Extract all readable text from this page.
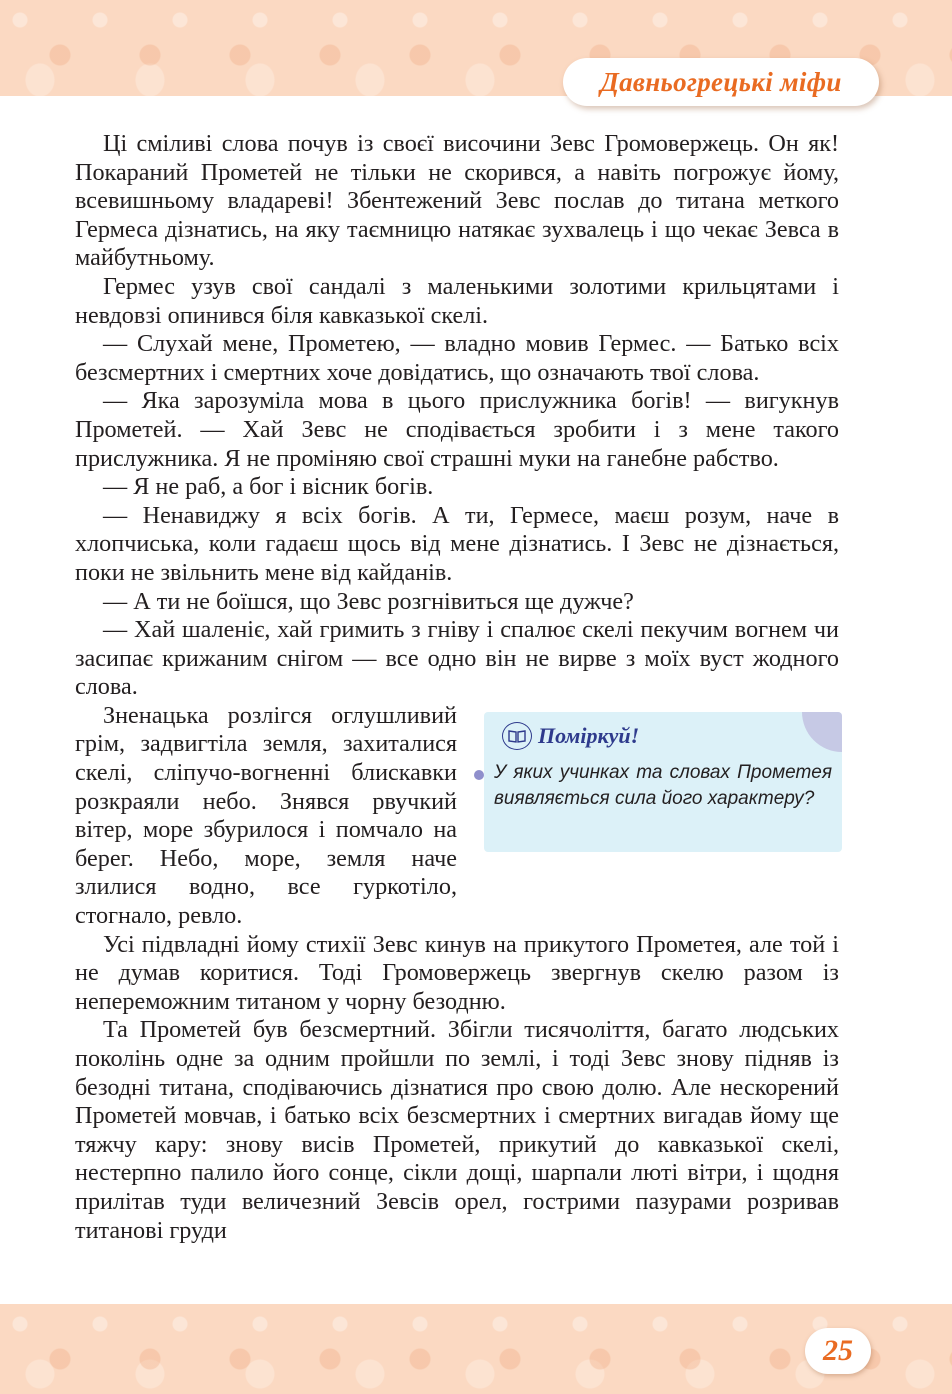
Давньогрецькі міфи

Ці сміливі слова почув із своєї височини Зевс Громовержець. Он як! Покараний Прометей не тільки не скорився, а навіть погрожує йому, всевишньому владареві! Збентежений Зевс послав до титана меткого Гермеса дізнатись, на яку таємницю натякає зухвалець і що чекає Зевса в майбутньому.

Гермес узув свої сандалі з маленькими золотими крильцятами і невдовзі опинився біля кавказької скелі.

— Слухай мене, Прометею, — владно мовив Гермес. — Батько всіх безсмертних і смертних хоче довідатись, що означають твої слова.

— Яка зарозуміла мова в цього прислужника богів! — вигукнув Прометей. — Хай Зевс не сподівається зробити і з мене такого прислужника. Я не проміняю свої страшні муки на ганебне рабство.

— Я не раб, а бог і вісник богів.

— Ненавиджу я всіх богів. А ти, Гермесе, маєш розум, наче в хлопчиська, коли гадаєш щось від мене дізнатись. І Зевс не дізнається, поки не звільнить мене від кайданів.

— А ти не боїшся, що Зевс розгнівиться ще дужче?

— Хай шаленіє, хай гримить з гніву і спалює скелі пекучим вогнем чи засипає крижаним снігом — все одно він не вирве з моїх вуст жодного слова.

Поміркуй!
У яких учинках та словах Прометея виявляється сила його характеру?

Зненацька розлігся оглушливий грім, задвигтіла земля, захиталися скелі, сліпучо-вогненні блискавки розкраяли небо. Знявся рвучкий вітер, море збурилося і помчало на берег. Небо, море, земля наче злилися водно, все гуркотіло, стогнало, ревло.

Усі підвладні йому стихії Зевс кинув на прикутого Прометея, але той і не думав коритися. Тоді Громовержець звергнув скелю разом із непереможним титаном у чорну безодню.

Та Прометей був безсмертний. Збігли тисячоліття, багато людських поколінь одне за одним пройшли по землі, і тоді Зевс знову підняв із безодні титана, сподіваючись дізнатися про свою долю. Але нескорений Прометей мовчав, і батько всіх безсмертних і смертних вигадав йому ще тяжчу кару: знову висів Прометей, прикутий до кавказької скелі, нестерпно палило його сонце, сікли дощі, шарпали люті вітри, і щодня прилітав туди величезний Зевсів орел, гострими пазурами розривав титанові груди

25
